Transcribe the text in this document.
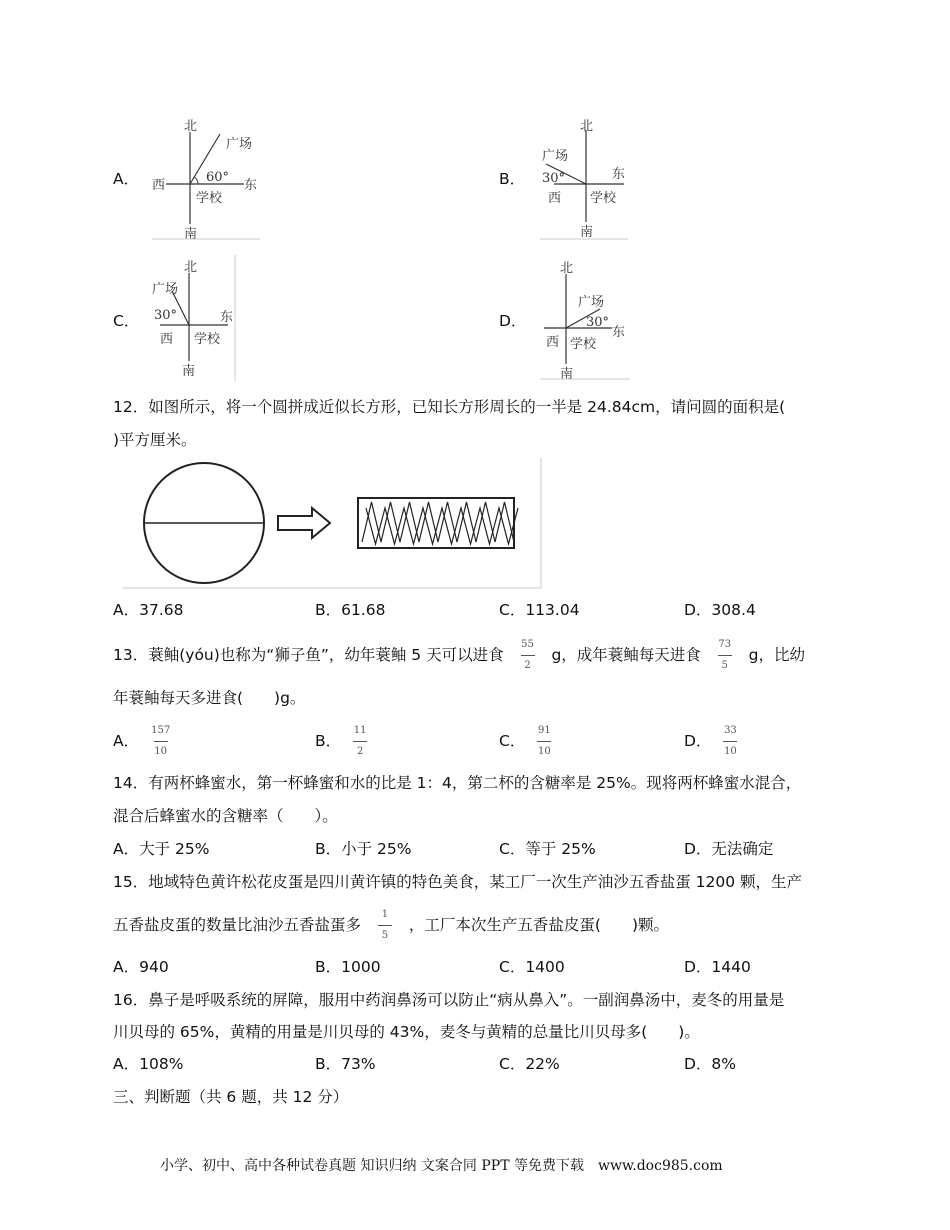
A．
北
广场
60°
西	东
学校
南
B．
北
广场
30°	东
西 学校
南
C．
北
广场
30°	东
西 学校
南
D．
北
广场
30°
东
西 学校
南
12．如图所示，将一个圆拼成近似长方形，已知长方形周长的一半是 24.84cm，请问圆的面积是(
)平方厘米。
A．37.68	B．61.68	C．113.04	D．308.4
13．蓑鲉(yóu)也称为“狮子鱼”，幼年蓑鲉 5 天可以进食 $\frac{55}{2}$ g，成年蓑鲉每天进食 $\frac{73}{5}$ g，比幼
年蓑鲉每天多进食(　　)g。
A． $\frac{157}{10}$	B． $\frac{11}{2}$	C． $\frac{91}{10}$	D． $\frac{33}{10}$
14．有两杯蜂蜜水，第一杯蜂蜜和水的比是 1：4，第二杯的含糖率是 25%。现将两杯蜂蜜水混合，
混合后蜂蜜水的含糖率（　　）。
A．大于 25%	B．小于 25%	C．等于 25%	D．无法确定
15．地域特色黄许松花皮蛋是四川黄许镇的特色美食，某工厂一次生产油沙五香盐蛋 1200 颗，生产
五香盐皮蛋的数量比油沙五香盐蛋多 $\frac{1}{5}$ ，工厂本次生产五香盐皮蛋(　　)颗。
A．940	B．1000	C．1400	D．1440
16．鼻子是呼吸系统的屏障，服用中药润鼻汤可以防止“病从鼻入”。一副润鼻汤中，麦冬的用量是
川贝母的 65%，黄精的用量是川贝母的 43%，麦冬与黄精的总量比川贝母多(　　)。
A．108%	B．73%	C．22%	D．8%
三、判断题（共 6 题，共 12 分）
小学、初中、高中各种试卷真题 知识归纳 文案合同 PPT 等免费下载　www.doc985.com
